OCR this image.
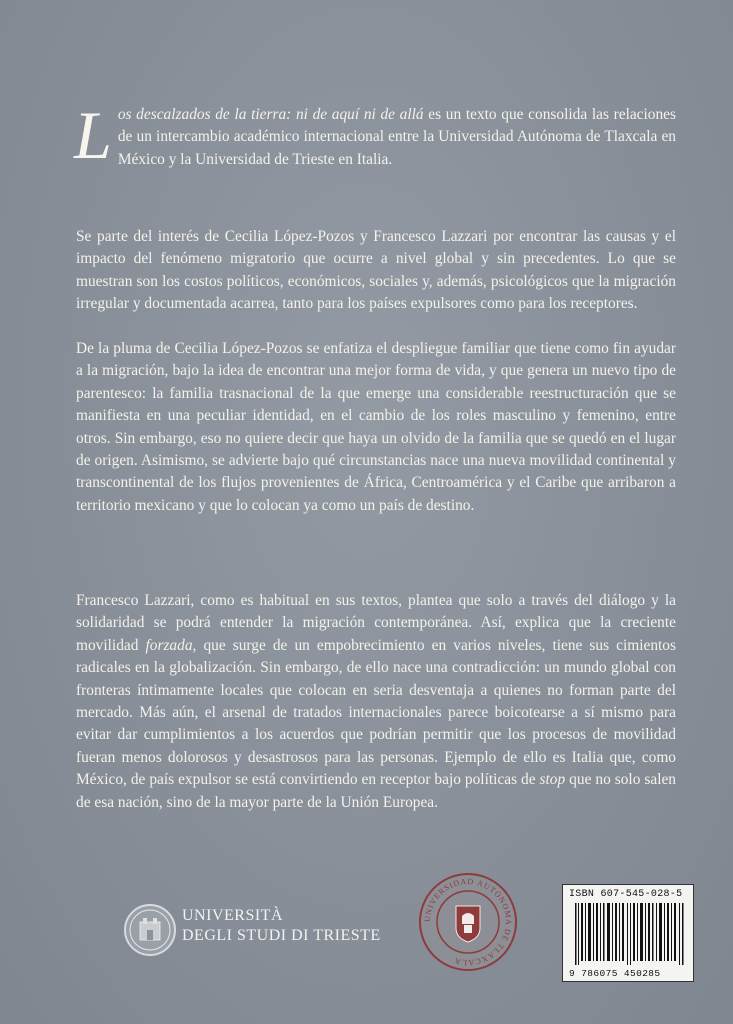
Los descalzados de la tierra: ni de aquí ni de allá es un texto que consolida las relaciones de un intercambio académico internacional entre la Universidad Autónoma de Tlaxcala en México y la Universidad de Trieste en Italia.
Se parte del interés de Cecilia López-Pozos y Francesco Lazzari por encontrar las causas y el impacto del fenómeno migratorio que ocurre a nivel global y sin precedentes. Lo que se muestran son los costos políticos, económicos, sociales y, además, psicológicos que la migración irregular y documentada acarrea, tanto para los países expulsores como para los receptores.
De la pluma de Cecilia López-Pozos se enfatiza el despliegue familiar que tiene como fin ayudar a la migración, bajo la idea de encontrar una mejor forma de vida, y que genera un nuevo tipo de parentesco: la familia trasnacional de la que emerge una considerable reestructuración que se manifiesta en una peculiar identidad, en el cambio de los roles masculino y femenino, entre otros. Sin embargo, eso no quiere decir que haya un olvido de la familia que se quedó en el lugar de origen. Asimismo, se advierte bajo qué circunstancias nace una nueva movilidad continental y transcontinental de los flujos provenientes de África, Centroamérica y el Caribe que arribaron a territorio mexicano y que lo colocan ya como un país de destino.
Francesco Lazzari, como es habitual en sus textos, plantea que solo a través del diálogo y la solidaridad se podrá entender la migración contemporánea. Así, explica que la creciente movilidad forzada, que surge de un empobrecimiento en varios niveles, tiene sus cimientos radicales en la globalización. Sin embargo, de ello nace una contradicción: un mundo global con fronteras íntimamente locales que colocan en seria desventaja a quienes no forman parte del mercado. Más aún, el arsenal de tratados internacionales parece boicotearse a sí mismo para evitar dar cumplimientos a los acuerdos que podrían permitir que los procesos de movilidad fueran menos dolorosos y desastrosos para las personas. Ejemplo de ello es Italia que, como México, de país expulsor se está convirtiendo en receptor bajo políticas de stop que no solo salen de esa nación, sino de la mayor parte de la Unión Europea.
UNIVERSITÀ
DEGLI STUDI DI TRIESTE
UNIVERSIDAD AUTÓNOMA DE TLAXCALA
ISBN 607-545-028-5
9 786075 450285
